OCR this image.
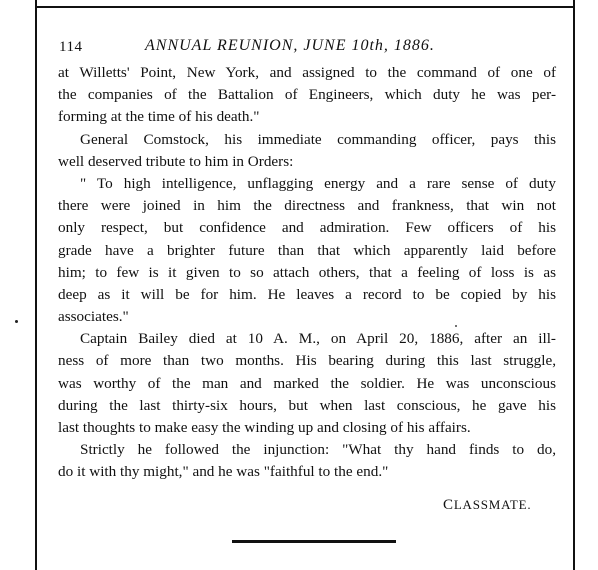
114	ANNUAL REUNION, JUNE 10th, 1886.
at Willetts' Point, New York, and assigned to the command of one of
the companies of the Battalion of Engineers, which duty he was per-
forming at the time of his death."
General Comstock, his immediate commanding officer, pays this
well deserved tribute to him in Orders:
" To high intelligence, unflagging energy and a rare sense of duty
there were joined in him the directness and frankness, that win not
only respect, but confidence and admiration. Few officers of his
grade have a brighter future than that which apparently laid before
him; to few is it given to so attach others, that a feeling of loss is as
deep as it will be for him. He leaves a record to be copied by his
associates."
Captain Bailey died at 10 A. M., on April 20, 1886, after an ill-
ness of more than two months. His bearing during this last struggle,
was worthy of the man and marked the soldier. He was unconscious
during the last thirty-six hours, but when last conscious, he gave his
last thoughts to make easy the winding up and closing of his affairs.
Strictly he followed the injunction: "What thy hand finds to do,
do it with thy might," and he was "faithful to the end."
CLASSMATE.
